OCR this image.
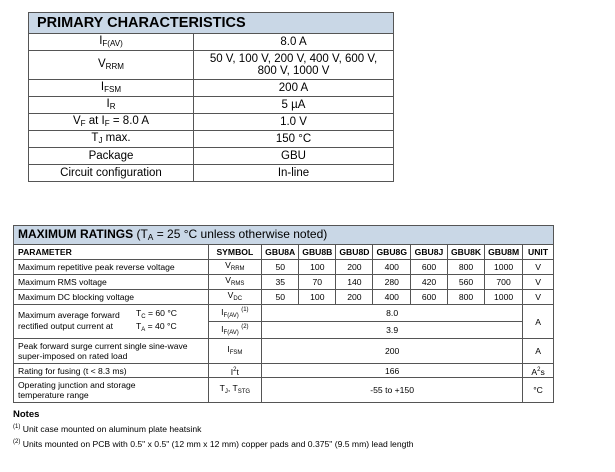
PRIMARY CHARACTERISTICS	
$I_{F(AV)}$	8.0 A
$V_{RRM}$	50 V, 100 V, 200 V, 400 V, 600 V,
800 V, 1000 V
$I_{FSM}$	200 A
$I_R$	5 µA
$V_F$ at $I_F = 8.0$ A	1.0 V
$T_J$ max.	150 °C
Package	GBU
Circuit configuration	In-line
MAXIMUM RATINGS ($T_A = 25$ °C unless otherwise noted)									
PARAMETER	SYMBOL	GBU8A	GBU8B	GBU8D	GBU8G	GBU8J	GBU8K	GBU8M	UNIT
Maximum repetitive peak reverse voltage	$V_{RRM}$	50	100	200	400	600	800	1000	V
Maximum RMS voltage	$V_{RMS}$	35	70	140	280	420	560	700	V
Maximum DC blocking voltage	$V_{DC}$	50	100	200	400	600	800	1000	V

Maximum average forward
rectified output current at
$T_C = 60$ °C
$T_A = 40$ °C	$I_{F(AV)}$ $^{(1)}$	8.0							A
	$I_{F(AV)}$ $^{(2)}$	3.9							
Peak forward surge current single sine-wave
super-imposed on rated load	$I_{FSM}$	200							A
Rating for fusing (t < 8.3 ms)	$I^2t$	166							$A^2s$
Operating junction and storage
temperature range	$T_J$, $T_{STG}$	-55 to +150							°C
Notes
$^{(1)}$ Unit case mounted on aluminum plate heatsink
$^{(2)}$ Units mounted on PCB with 0.5" x 0.5" (12 mm x 12 mm) copper pads and 0.375" (9.5 mm) lead length
